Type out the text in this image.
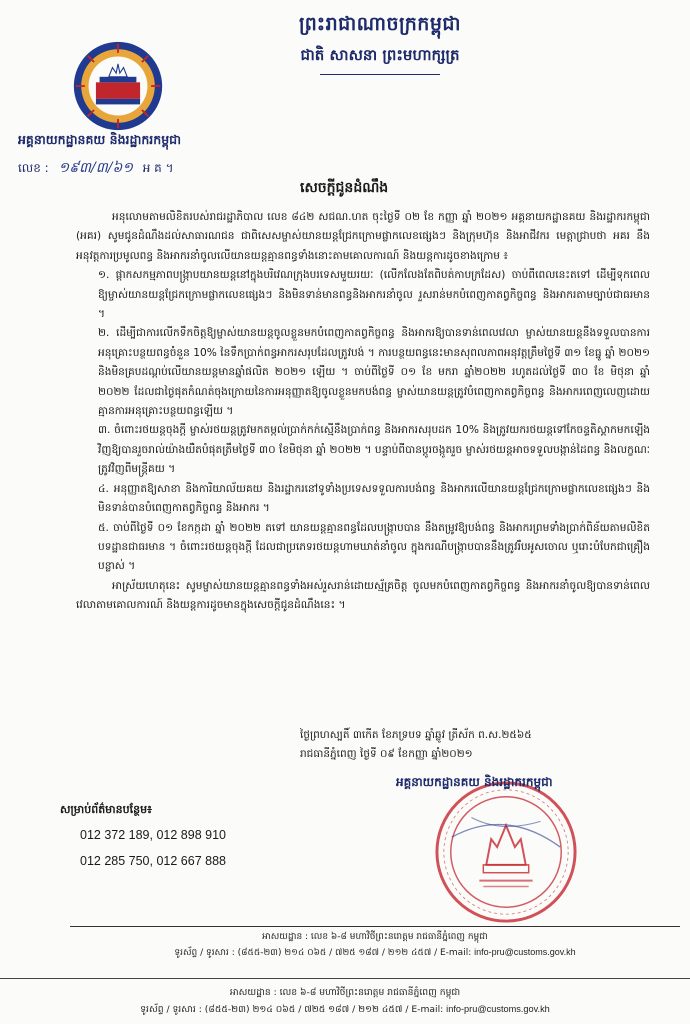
ព្រះរាជាណាចក្រកម្ពុជា
ជាតិ សាសនា ព្រះមហាក្សត្រ
អគ្គនាយកដ្ឋានគយ និងរដ្ឋាករកម្ពុជា
លេខ : ១៩៣/៣/៦១ អ គ ។
សេចក្តីជូនដំណឹង

អនុលោមតាមលិខិតរបស់រាជរដ្ឋាភិបាល លេខ ៨៤២ សជណ.ហត ចុះថ្ងៃទី ០២ ខែ កញ្ញា ឆ្នាំ ២០២១ អគ្គនាយកដ្ឋានគយ និងរដ្ឋាករកម្ពុជា (អគរ) សូមជូនដំណឹងដល់សាធារណជន ជាពិសេសម្ចាស់យានយន្តជ្រែកក្រោមផ្លាកលេខផ្សេងៗ និងក្រុមហ៊ុន និងអាជីវករ មេត្តាជ្រាបថា អគរ នឹងអនុវត្តការប្រមូលពន្ធ និងអាករនាំចូលលើយានយន្តគ្មានពន្ធទាំងនោះតាមគោលការណ៍ និងយន្តការដូចខាងក្រោម ៖

១. ផ្ដាកសកម្មភាពបង្ក្រាបយានយន្តនៅក្នុងបរិវេណក្រុងបរទេសមួយរយៈ (លើកលែងតែពិបត់កាបក្រដែស) ចាប់ពីពេលនេះតទៅ ដើម្បីទុកពេលឱ្យម្ចាស់យានយន្តជ្រែកក្រោមផ្លាកលេខផ្សេងៗ និងមិនទាន់មានពន្ធនិងអាករនាំចូល រួសរាន់មកបំពេញកាតព្វកិច្ចពន្ធ និងអាករតាមច្បាប់ជាធរមាន ។

២. ដើម្បីជាការលើកទឹកចិត្តឱ្យម្ចាស់យានយន្តចូលខ្លួនមកបំពេញកាតព្វកិច្ចពន្ធ និងអាករឱ្យបានទាន់ពេលវេលា ម្ចាស់យានយន្តនឹងទទួលបានការអនុគ្រោះបន្ថយពន្ធចំនួន 10% នៃទឹកប្រាក់ពន្ធអាករសរុបដែលត្រូវបង់ ។ ការបន្ថយពន្ធនេះមានសុពលភាពអនុវត្តត្រឹមថ្ងៃទី ៣១ ខែធ្នូ ឆ្នាំ ២០២១ និងមិនគ្របដណ្ដប់លើយានយន្តមានឆ្នាំផលិត ២០២១ ឡើយ ។ ចាប់ពីថ្ងៃទី ០១ ខែ មករា ឆ្នាំ២០២២ រហូតដល់ថ្ងៃទី ៣០ ខែ មិថុនា ឆ្នាំ ២០២២ ដែលជាថ្ងៃផុតកំណត់ចុងក្រោយនៃការអនុញ្ញាតឱ្យចូលខ្លួនមកបង់ពន្ធ ម្ចាស់យានយន្តត្រូវបំពេញកាតព្វកិច្ចពន្ធ និងអាករពេញលេញដោយគ្មានការអនុគ្រោះបន្ថយពន្ធឡើយ ។

៣. ចំពោះរថយន្តចុងក្ដី ម្ចាស់រថយន្តត្រូវមកតម្កល់ប្រាក់កក់ស្មើនឹងប្រាក់ពន្ធ និងអាករសរុបដក 10% និងត្រូវយករថយន្តទៅកែចន្ទតិស្គាកមកឡើងវិញឱ្យបានរួចរាល់យ៉ាងយឺតបំផុតត្រឹមថ្ងៃទី ៣០ ខែមិថុនា ឆ្នាំ ២០២២ ។ បន្ទាប់ពីបានប្តូរចង្កូតរួច ម្ចាស់រថយន្តអាចទទួលបង្កាន់ដៃពន្ធ និងលក្ខណៈត្រូវវិញពីមន្ត្រីគយ ។

៤. អនុញ្ញាតឱ្យសាខា និងការិយាល័យគយ និងរដ្ឋាករនៅទូទាំងប្រទេសទទួលការបង់ពន្ធ និងអាករលើយានយន្តជ្រែកក្រោមផ្លាកលេខផ្សេងៗ និងមិនទាន់បានបំពេញកាតព្វកិច្ចពន្ធ និងអាករ ។

៥. ចាប់ពីថ្ងៃទី ០១ ខែកក្កដា ឆ្នាំ ២០២២ តទៅ យានយន្តគ្មានពន្ធដែលបង្ក្រាបបាន នឹងតម្រូវឱ្យបង់ពន្ធ និងអាករព្រមទាំងប្រាក់ពិន័យតាមលិខិតបទដ្ឋានជាធរមាន ។ ចំពោះរថយន្តចុងក្ដី ដែលជាប្រភេទរថយន្តហាមឃាត់នាំចូល ក្នុងករណីបង្ក្រាបបាននឹងត្រូវរឹបអូសចោល ឬរោះបំបែកជាគ្រឿងបន្លាស់ ។

អាស្រ័យហេតុនេះ សូមម្ចាស់យានយន្តគ្មានពន្ធទាំងអស់រួសរាន់ដោយស្ម័គ្រចិត្ត ចូលមកបំពេញកាតព្វកិច្ចពន្ធ និងអាករនាំចូលឱ្យបានទាន់ពេលវេលាតាមគោលការណ៍ និងយន្តការដូចមានក្នុងសេចក្តីជូនដំណឹងនេះ ។

ថ្ងៃព្រហស្បតិ៍ ៣កើត ខែភទ្របទ ឆ្នាំឆ្លូវ ត្រីស័ក ព.ស.២៥៦៥
រាជធានីភ្នំពេញ ថ្ងៃទី ០៩ ខែកញ្ញា ឆ្នាំ២០២១
អគ្គនាយកដ្ឋានគយ និងរដ្ឋាករកម្ពុជា
សម្រាប់ព័ត៌មានបន្ថែម៖
012 372 189, 012 898 910
012 285 750, 012 667 888
អាសយដ្ឋាន : លេខ ៦-៨ មហាវិថីព្រះនរោត្តម រាជធានីភ្នំពេញ កម្ពុជា
ទូរស័ព្ទ / ទូរសារ : (៨៥៥-២៣) ២១៤ ០៦៥ / ៧២៥ ១៨៧ / ២១២ ៤៥៧ / E-mail: info-pru@customs.gov.kh
អាសយដ្ឋាន : លេខ ៦-៨ មហាវិថីព្រះនរោត្តម រាជធានីភ្នំពេញ កម្ពុជា
ទូរស័ព្ទ / ទូរសារ : (៨៥៥-២៣) ២១៤ ០៦៥ / ៧២៥ ១៨៧ / ២១២ ៤៥៧ / E-mail: info-pru@customs.gov.kh
